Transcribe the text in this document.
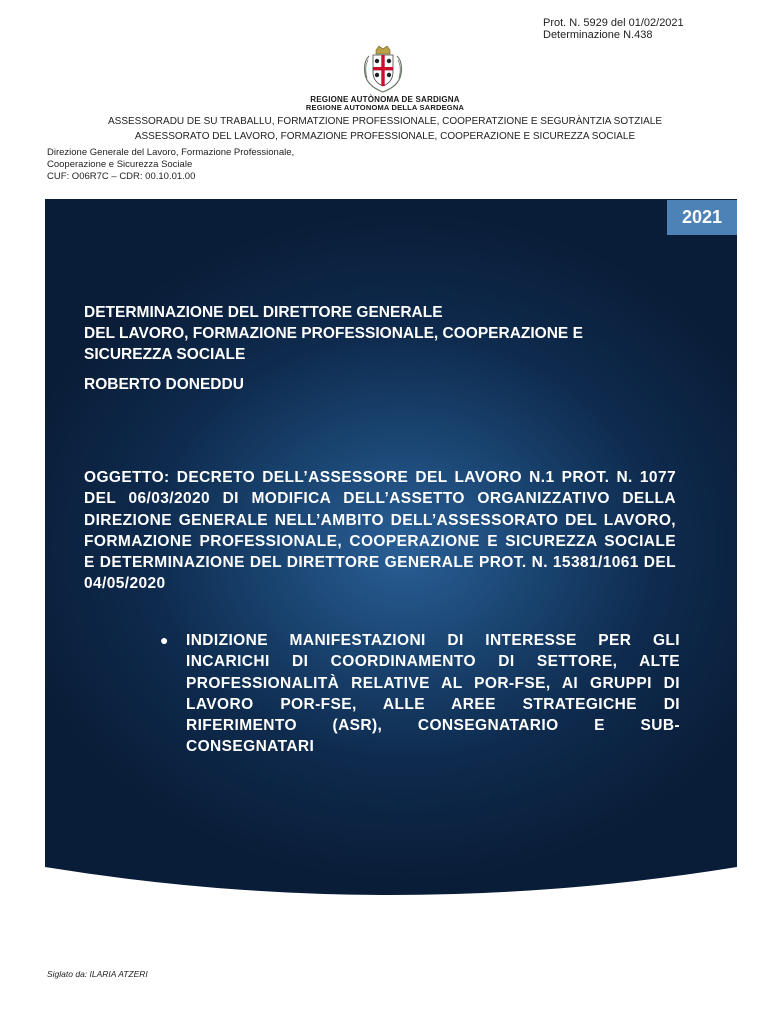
Prot. N. 5929 del 01/02/2021
Determinazione N.438
REGIONE AUTÒNOMA DE SARDIGNA
REGIONE AUTONOMA DELLA SARDEGNA
ASSESSORADU DE SU TRABALLU, FORMATZIONE PROFESSIONALE, COOPERATZIONE E SEGURÀNTZIA SOTZIALE
ASSESSORATO DEL LAVORO, FORMAZIONE PROFESSIONALE, COOPERAZIONE E SICUREZZA SOCIALE
Direzione Generale del Lavoro, Formazione Professionale,
Cooperazione e Sicurezza Sociale
CUF: O06R7C – CDR: 00.10.01.00
2021
DETERMINAZIONE DEL DIRETTORE GENERALE
DEL LAVORO, FORMAZIONE PROFESSIONALE, COOPERAZIONE E
SICUREZZA SOCIALE
ROBERTO DONEDDU
OGGETTO: DECRETO DELL’ASSESSORE DEL LAVORO N.1 PROT. N. 1077 DEL 06/03/2020 DI MODIFICA DELL’ASSETTO ORGANIZZATIVO DELLA DIREZIONE GENERALE NELL’AMBITO DELL’ASSESSORATO DEL LAVORO, FORMAZIONE PROFESSIONALE, COOPERAZIONE E SICUREZZA SOCIALE E DETERMINAZIONE DEL DIRETTORE GENERALE PROT. N. 15381/1061 DEL 04/05/2020
● INDIZIONE MANIFESTAZIONI DI INTERESSE PER GLI INCARICHI DI COORDINAMENTO DI SETTORE, ALTE PROFESSIONALITÀ RELATIVE AL POR-FSE, AI GRUPPI DI LAVORO POR-FSE, ALLE AREE STRATEGICHE DI RIFERIMENTO (ASR), CONSEGNATARIO E SUB-CONSEGNATARI
Siglato da: ILARIA ATZERI
